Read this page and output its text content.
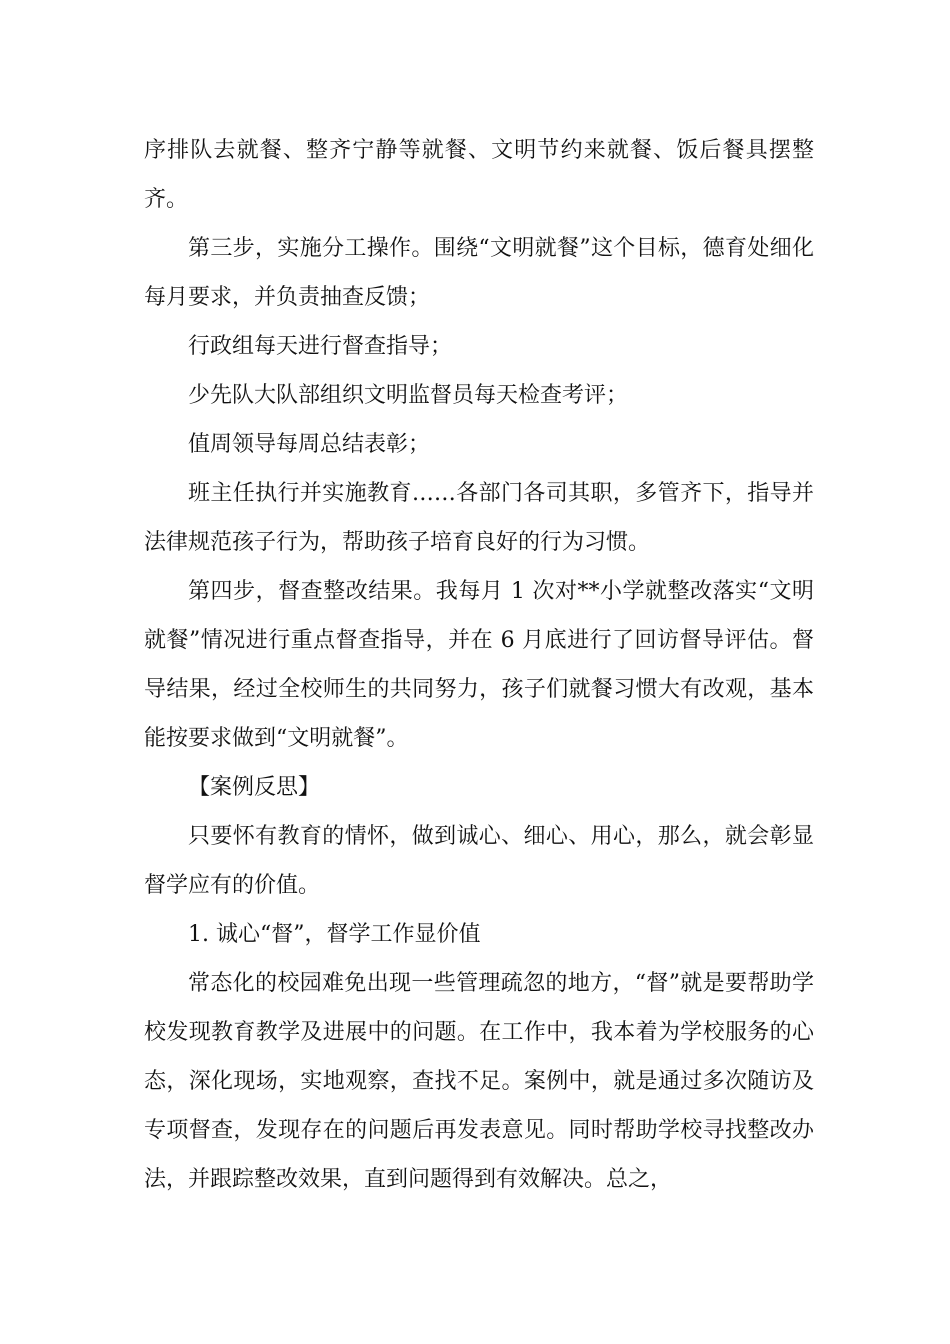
序排队去就餐、整齐宁静等就餐、文明节约来就餐、饭后餐具摆整齐。

第三步，实施分工操作。围绕“文明就餐”这个目标，德育处细化每月要求，并负责抽查反馈；

行政组每天进行督查指导；

少先队大队部组织文明监督员每天检查考评；

值周领导每周总结表彰；

班主任执行并实施教育……各部门各司其职，多管齐下，指导并法律规范孩子行为，帮助孩子培育良好的行为习惯。

第四步，督查整改结果。我每月 1 次对**小学就整改落实“文明就餐”情况进行重点督查指导，并在 6 月底进行了回访督导评估。督导结果，经过全校师生的共同努力，孩子们就餐习惯大有改观，基本能按要求做到“文明就餐”。

【案例反思】

只要怀有教育的情怀，做到诚心、细心、用心，那么，就会彰显督学应有的价值。

1. 诚心“督”，督学工作显价值

常态化的校园难免出现一些管理疏忽的地方，“督”就是要帮助学校发现教育教学及进展中的问题。在工作中，我本着为学校服务的心态，深化现场，实地观察，查找不足。案例中，就是通过多次随访及专项督查，发现存在的问题后再发表意见。同时帮助学校寻找整改办法，并跟踪整改效果，直到问题得到有效解决。总之，
